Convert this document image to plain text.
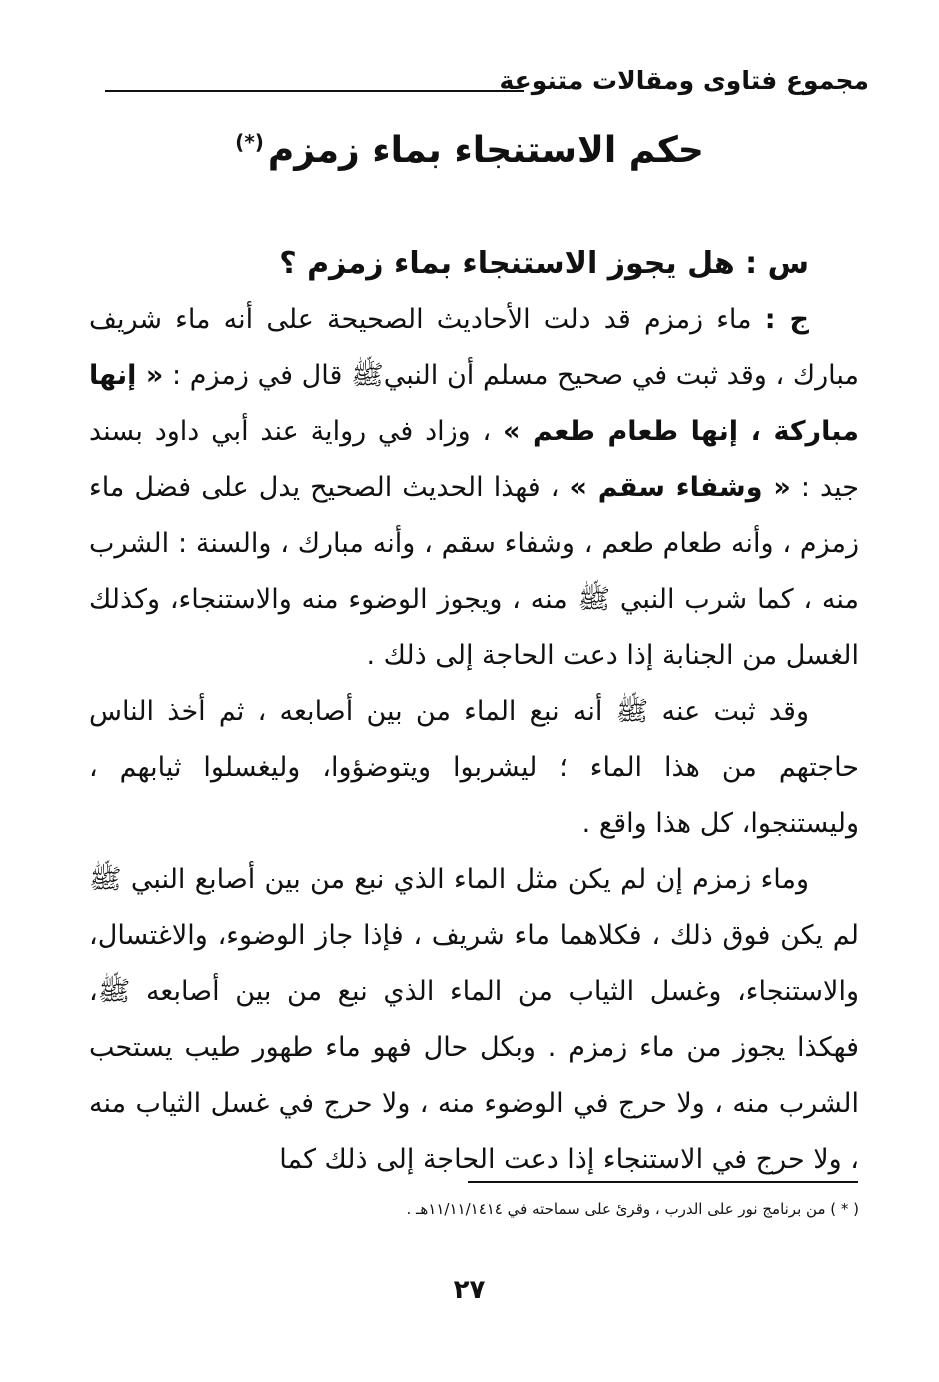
مجموع فتاوى ومقالات متنوعة
حكم الاستنجاء بماء زمزم(*)

س : هل يجوز الاستنجاء بماء زمزم ؟

ج : ماء زمزم قد دلت الأحاديث الصحيحة على أنه ماء شريف مبارك ، وقد ثبت في صحيح مسلم أن النبيﷺ قال في زمزم : « إنها مباركة ، إنها طعام طعم » ، وزاد في رواية عند أبي داود بسند جيد : « وشفاء سقم » ، فهذا الحديث الصحيح يدل على فضل ماء زمزم ، وأنه طعام طعم ، وشفاء سقم ، وأنه مبارك ، والسنة : الشرب منه ، كما شرب النبي ﷺ منه ، ويجوز الوضوء منه والاستنجاء، وكذلك الغسل من الجنابة إذا دعت الحاجة إلى ذلك .

وقد ثبت عنه ﷺ أنه نبع الماء من بين أصابعه ، ثم أخذ الناس حاجتهم من هذا الماء ؛ ليشربوا ويتوضؤوا، وليغسلوا ثيابهم ، وليستنجوا، كل هذا واقع .

وماء زمزم إن لم يكن مثل الماء الذي نبع من بين أصابع النبي ﷺ لم يكن فوق ذلك ، فكلاهما ماء شريف ، فإذا جاز الوضوء، والاغتسال، والاستنجاء، وغسل الثياب من الماء الذي نبع من بين أصابعه ﷺ، فهكذا يجوز من ماء زمزم . وبكل حال فهو ماء طهور طيب يستحب الشرب منه ، ولا حرج في الوضوء منه ، ولا حرج في غسل الثياب منه ، ولا حرج في الاستنجاء إذا دعت الحاجة إلى ذلك كما

( * ) من برنامج نور على الدرب ، وقرئ على سماحته في ١١/١١/١٤١٤هـ .
٢٧
